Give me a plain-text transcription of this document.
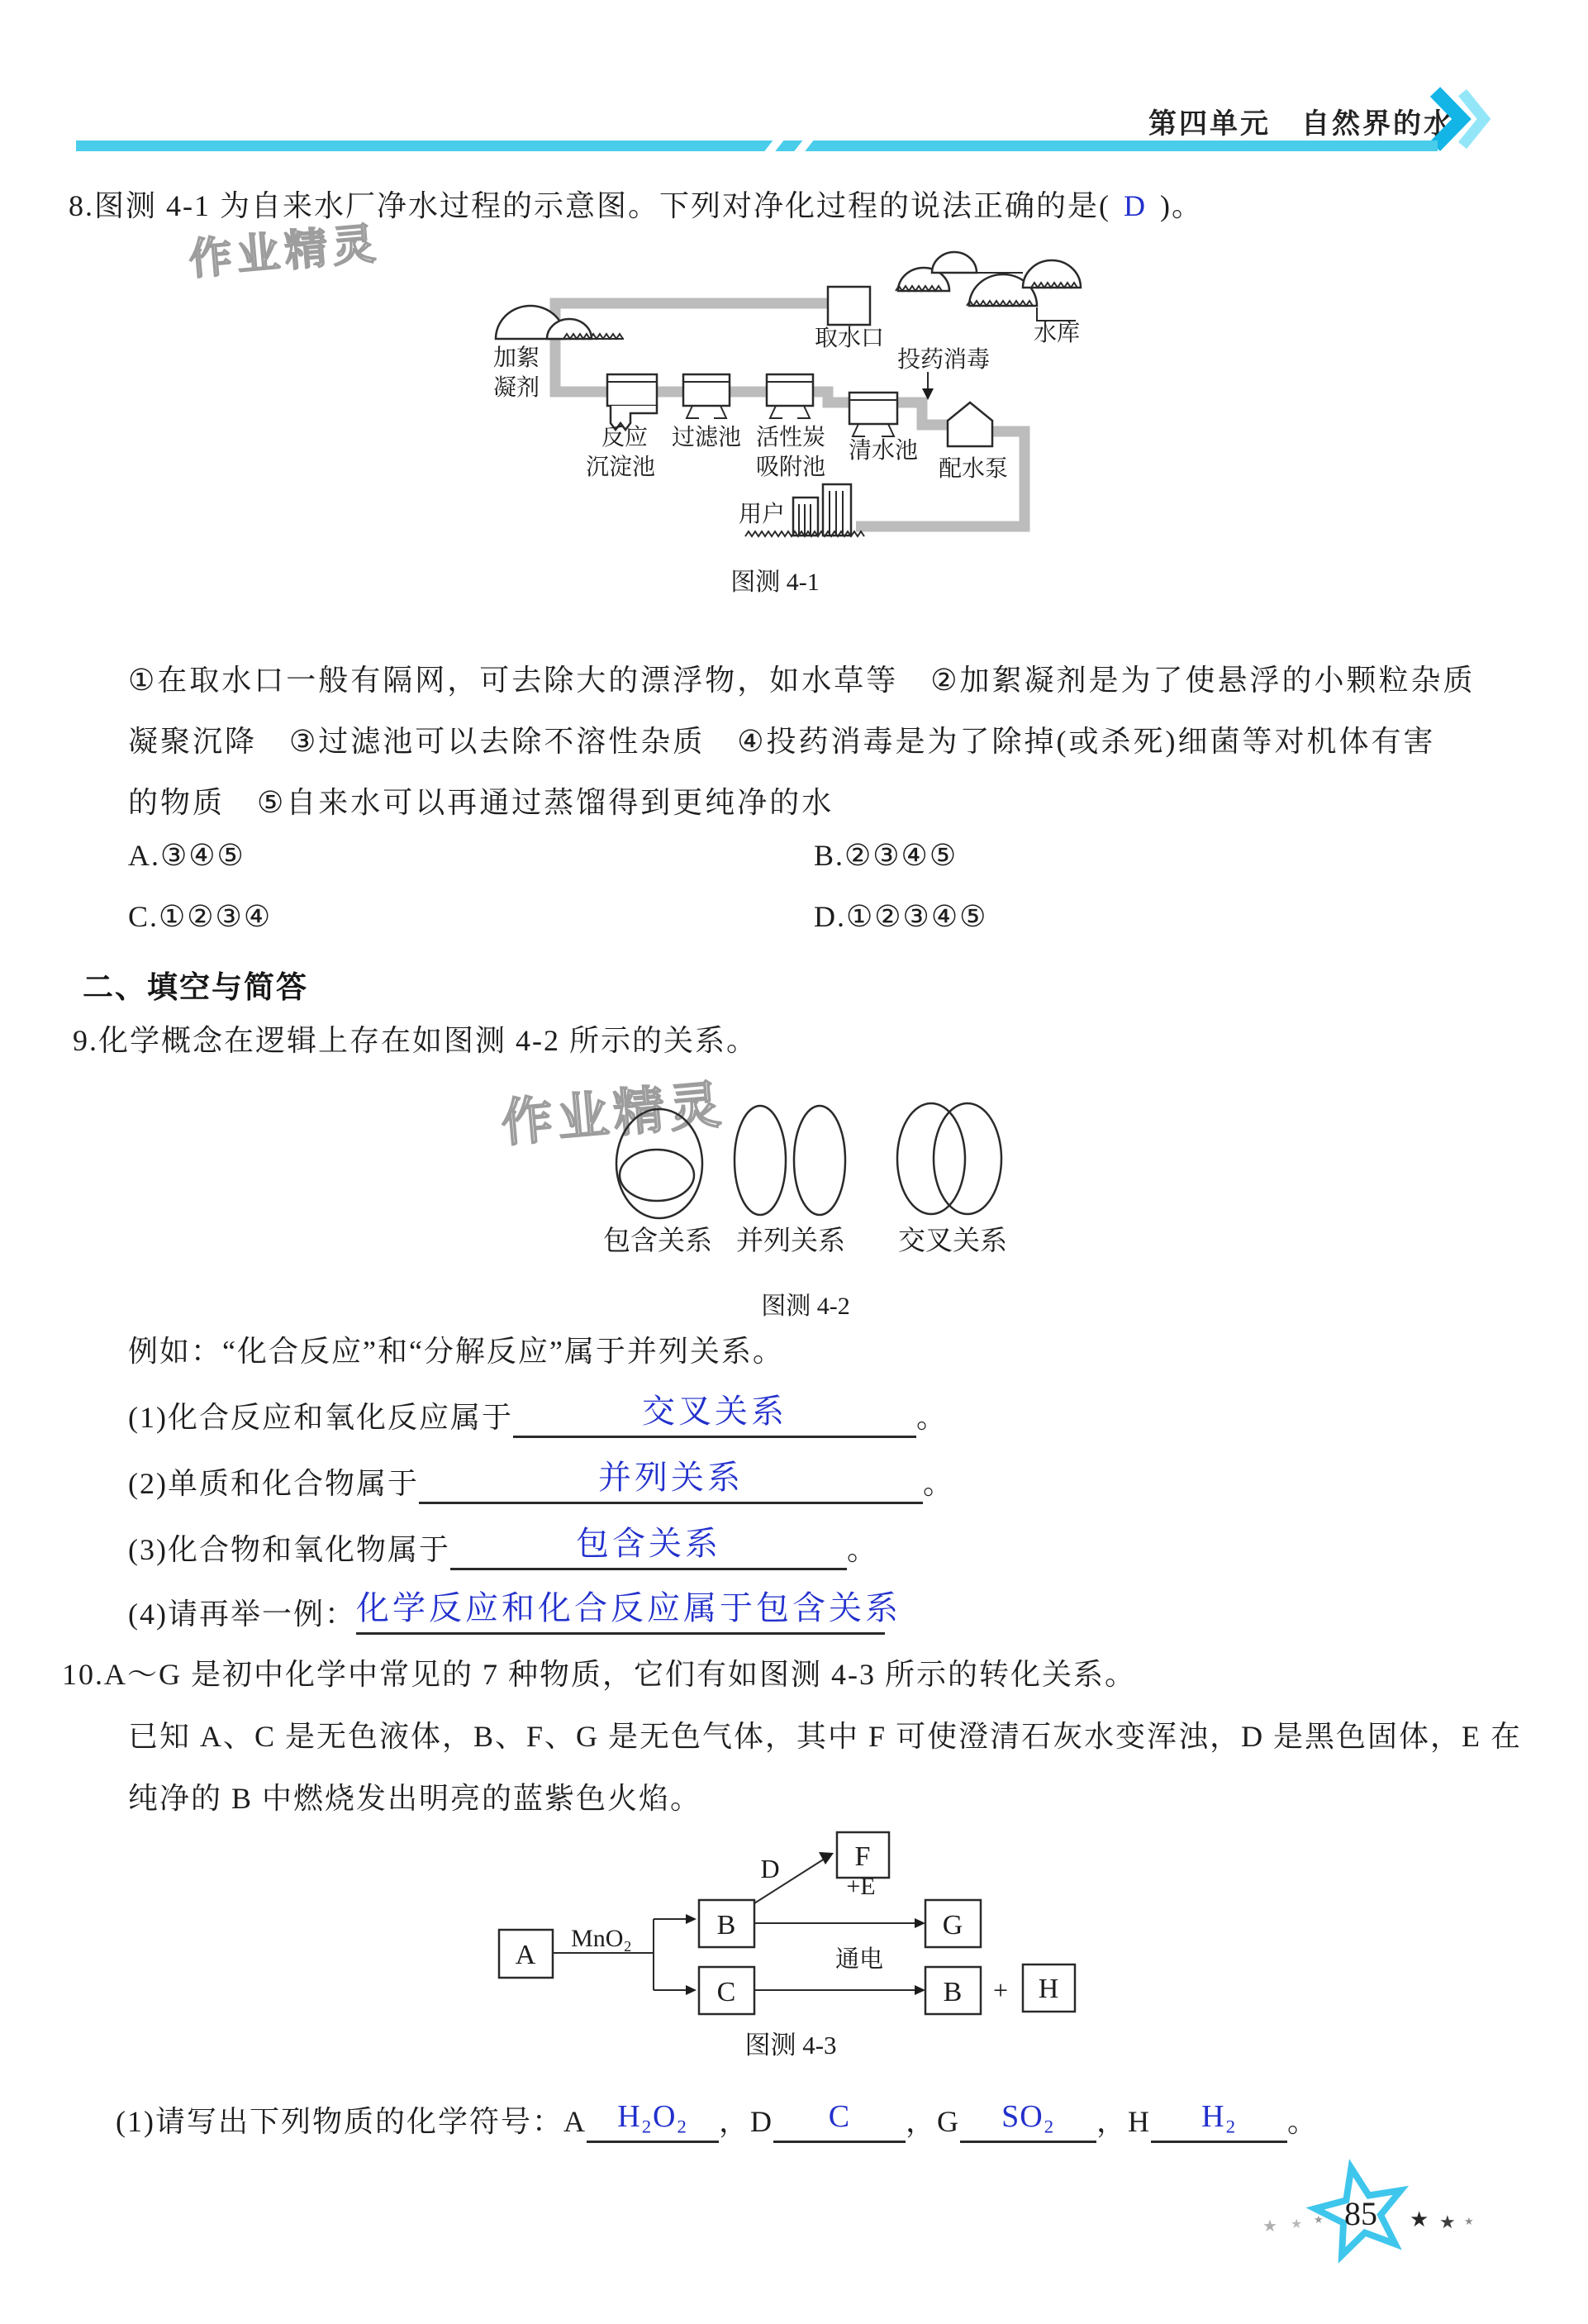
第四单元　自然界的水
作业精灵
8.图测 4-1 为自来水厂净水过程的示意图。下列对净化过程的说法正确的是( D )。
取水口	水库
加絮
凝剂
投药消毒
反应
沉淀池
过滤池 活性炭
吸附池
清水池
配水泵
用户
图测 4-1
①在取水口一般有隔网，可去除大的漂浮物，如水草等　②加絮凝剂是为了使悬浮的小颗粒杂质
凝聚沉降　③过滤池可以去除不溶性杂质　④投药消毒是为了除掉(或杀死)细菌等对机体有害
的物质　⑤自来水可以再通过蒸馏得到更纯净的水
A.③④⑤	B.②③④⑤
C.①②③④	D.①②③④⑤
二、填空与简答
9.化学概念在逻辑上存在如图测 4-2 所示的关系。
作业精灵
包含关系 并列关系 交叉关系
图测 4-2
例如：“化合反应”和“分解反应”属于并列关系。
(1)化合反应和氧化反应属于	交叉关系	。
(2)单质和化合物属于	并列关系	。
(3)化合物和氧化物属于	包含关系	。
(4)请再举一例：化学反应和化合反应属于包含关系
10.A～G 是初中化学中常见的 7 种物质，它们有如图测 4-3 所示的转化关系。
已知 A、C 是无色液体，B、F、G 是无色气体，其中 F 可使澄清石灰水变浑浊，D 是黑色固体，E 在
纯净的 B 中燃烧发出明亮的蓝紫色火焰。
A
B
C
F
G
B	H
MnO₂
D
+E
通电
+
图测 4-3
(1)请写出下列物质的化学符号：A H₂O₂ ，D C ，G SO₂ ，H H₂ 。
★ ★ ★ 85 ★ ★ ★
